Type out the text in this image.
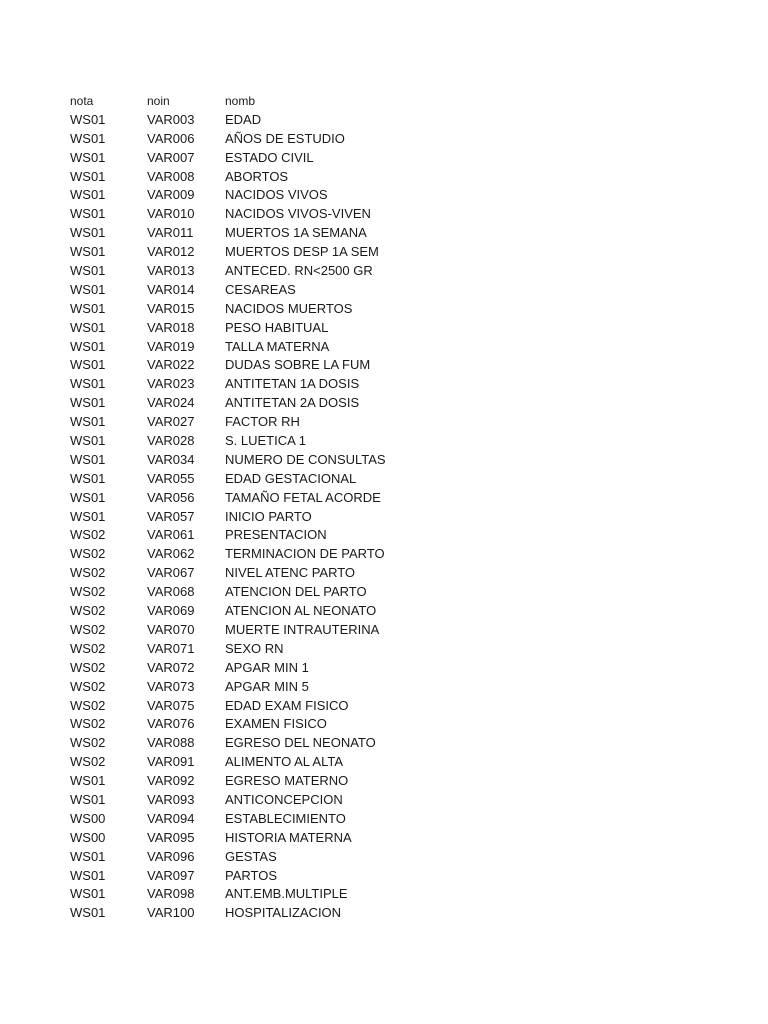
nota	noin	nomb
WS01	VAR003	EDAD
WS01	VAR006	AÑOS DE ESTUDIO
WS01	VAR007	ESTADO CIVIL
WS01	VAR008	ABORTOS
WS01	VAR009	NACIDOS VIVOS
WS01	VAR010	NACIDOS VIVOS-VIVEN
WS01	VAR011	MUERTOS 1A SEMANA
WS01	VAR012	MUERTOS DESP 1A SEM
WS01	VAR013	ANTECED. RN<2500 GR
WS01	VAR014	CESAREAS
WS01	VAR015	NACIDOS MUERTOS
WS01	VAR018	PESO HABITUAL
WS01	VAR019	TALLA MATERNA
WS01	VAR022	DUDAS SOBRE LA FUM
WS01	VAR023	ANTITETAN 1A DOSIS
WS01	VAR024	ANTITETAN 2A DOSIS
WS01	VAR027	FACTOR RH
WS01	VAR028	S. LUETICA 1
WS01	VAR034	NUMERO DE CONSULTAS
WS01	VAR055	EDAD GESTACIONAL
WS01	VAR056	TAMAÑO FETAL ACORDE
WS01	VAR057	INICIO PARTO
WS02	VAR061	PRESENTACION
WS02	VAR062	TERMINACION DE PARTO
WS02	VAR067	NIVEL ATENC PARTO
WS02	VAR068	ATENCION DEL PARTO
WS02	VAR069	ATENCION AL NEONATO
WS02	VAR070	MUERTE INTRAUTERINA
WS02	VAR071	SEXO RN
WS02	VAR072	APGAR MIN 1
WS02	VAR073	APGAR MIN 5
WS02	VAR075	EDAD EXAM FISICO
WS02	VAR076	EXAMEN FISICO
WS02	VAR088	EGRESO DEL NEONATO
WS02	VAR091	ALIMENTO AL ALTA
WS01	VAR092	EGRESO MATERNO
WS01	VAR093	ANTICONCEPCION
WS00	VAR094	ESTABLECIMIENTO
WS00	VAR095	HISTORIA MATERNA
WS01	VAR096	GESTAS
WS01	VAR097	PARTOS
WS01	VAR098	ANT.EMB.MULTIPLE
WS01	VAR100	HOSPITALIZACION
